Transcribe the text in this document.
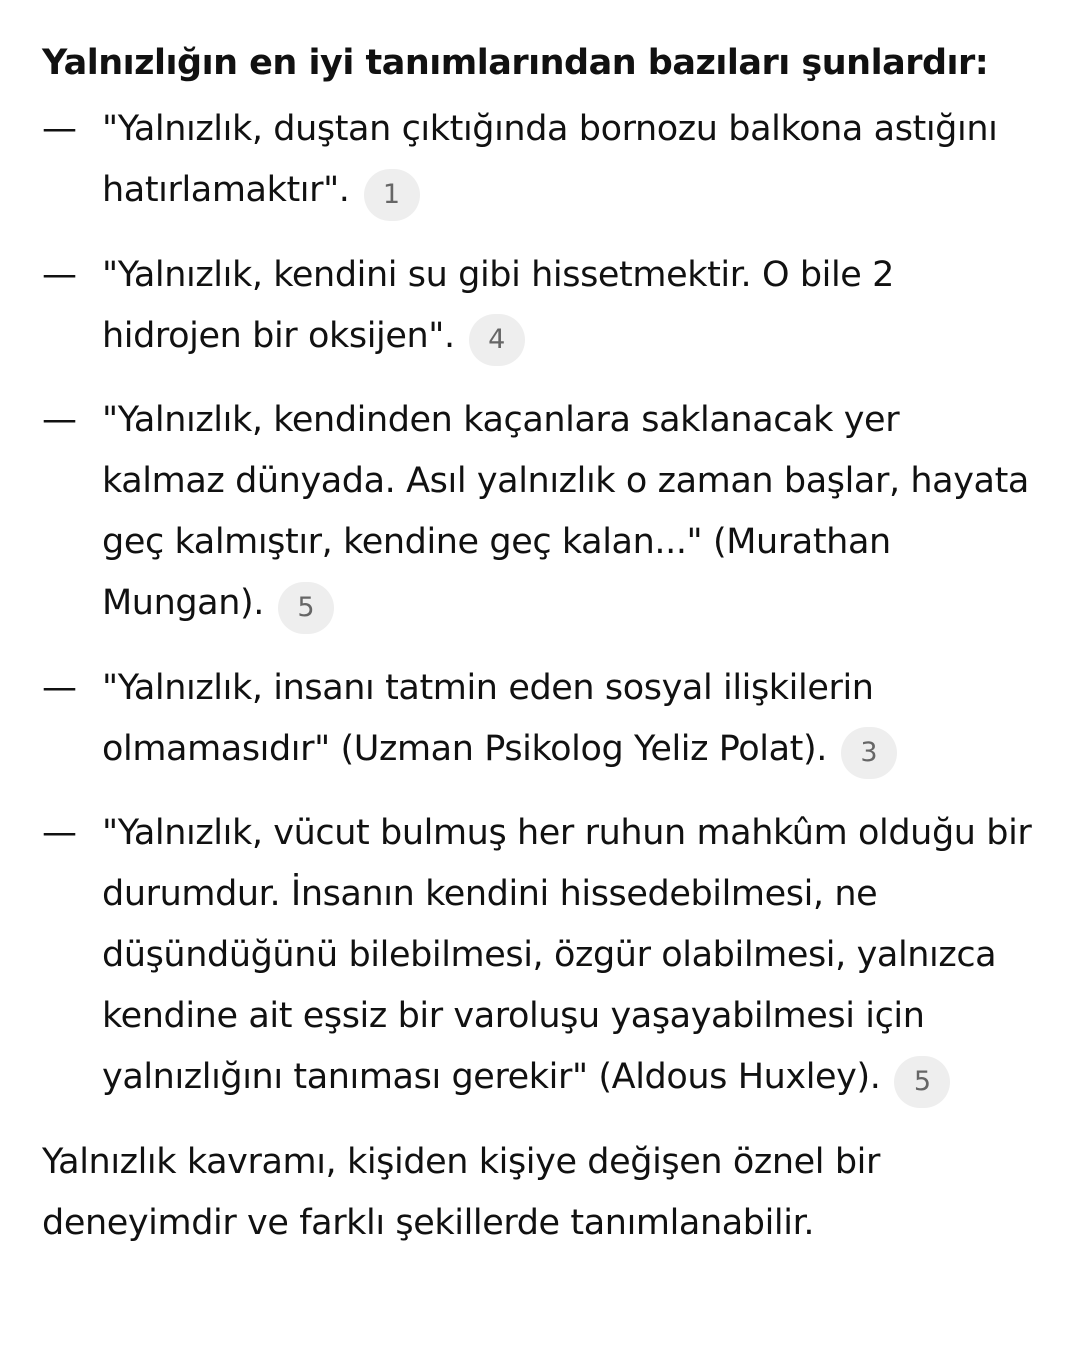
Yalnızlığın en iyi tanımlarından bazıları şunlardır:
— "Yalnızlık, duştan çıktığında bornozu balkona astığını hatırlamaktır". 1
— "Yalnızlık, kendini su gibi hissetmektir. O bile 2 hidrojen bir oksijen". 4
— "Yalnızlık, kendinden kaçanlara saklanacak yer kalmaz dünyada. Asıl yalnızlık o zaman başlar, hayata geç kalmıştır, kendine geç kalan..." (Murathan Mungan). 5
— "Yalnızlık, insanı tatmin eden sosyal ilişkilerin olmamasıdır" (Uzman Psikolog Yeliz Polat). 3
— "Yalnızlık, vücut bulmuş her ruhun mahkûm olduğu bir durumdur. İnsanın kendini hissedebilmesi, ne düşündüğünü bilebilmesi, özgür olabilmesi, yalnızca kendine ait eşsiz bir varoluşu yaşayabilmesi için yalnızlığını tanıması gerekir" (Aldous Huxley). 5

Yalnızlık kavramı, kişiden kişiye değişen öznel bir deneyimdir ve farklı şekillerde tanımlanabilir.
